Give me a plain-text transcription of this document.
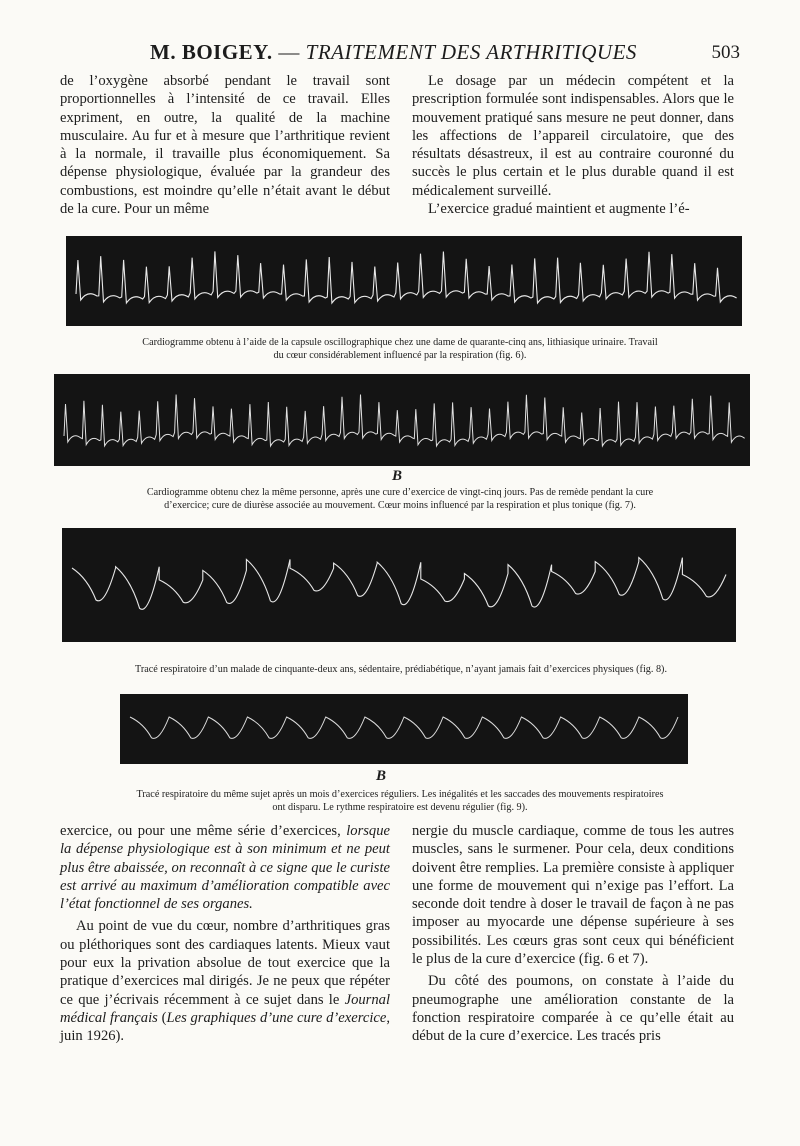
M. BOIGEY. — TRAITEMENT DES ARTHRITIQUES	503

de l’oxygène absorbé pendant le travail sont proportionnelles à l’intensité de ce travail. Elles expriment, en outre, la qualité de la machine musculaire. Au fur et à mesure que l’arthritique revient à la normale, il travaille plus économiquement. Sa dépense physiologique, évaluée par la grandeur des combustions, est moindre qu’elle n’était avant le début de la cure. Pour un même

Le dosage par un médecin compétent et la prescription formulée sont indispensables. Alors que le mouvement pratiqué sans mesure ne peut donner, dans les affections de l’appareil circulatoire, que des résultats désastreux, il est au contraire couronné du succès le plus certain et le plus durable quand il est médicalement surveillé.

L’exercice gradué maintient et augmente l’é-

Cardiogramme obtenu à l’aide de la capsule oscillographique chez une dame de quarante-cinq ans, lithiasique urinaire. Travail

du cœur considérablement influencé par la respiration (fig. 6).

B

Cardiogramme obtenu chez la même personne, après une cure d’exercice de vingt-cinq jours. Pas de remède pendant la cure

d’exercice; cure de diurèse associée au mouvement. Cœur moins influencé par la respiration et plus tonique (fig. 7).

Tracé respiratoire d’un malade de cinquante-deux ans, sédentaire, prédiabétique, n’ayant jamais fait d’exercices physiques (fig. 8).

B

Tracé respiratoire du même sujet après un mois d’exercices réguliers. Les inégalités et les saccades des mouvements respiratoires

ont disparu. Le rythme respiratoire est devenu régulier (fig. 9).

exercice, ou pour une même série d’exercices, lorsque la dépense physiologique est à son minimum et ne peut plus être abaissée, on reconnaît à ce signe que le curiste est arrivé au maximum d’amélioration compatible avec l’état fonctionnel de ses organes.

Au point de vue du cœur, nombre d’arthritiques gras ou pléthoriques sont des cardiaques latents. Mieux vaut pour eux la privation absolue de tout exercice que la pratique d’exercices mal dirigés. Je ne peux que répéter ce que j’écrivais récemment à ce sujet dans le Journal médical français (Les graphiques d’une cure d’exercice, juin 1926).

nergie du muscle cardiaque, comme de tous les autres muscles, sans le surmener. Pour cela, deux conditions doivent être remplies. La première consiste à appliquer une forme de mouvement qui n’exige pas l’effort. La seconde doit tendre à doser le travail de façon à ne pas imposer au myocarde une dépense supérieure à ses possibilités. Les cœurs gras sont ceux qui bénéficient le plus de la cure d’exercice (fig. 6 et 7).

Du côté des poumons, on constate à l’aide du pneumographe une amélioration constante de la fonction respiratoire comparée à ce qu’elle était au début de la cure d’exercice. Les tracés pris
